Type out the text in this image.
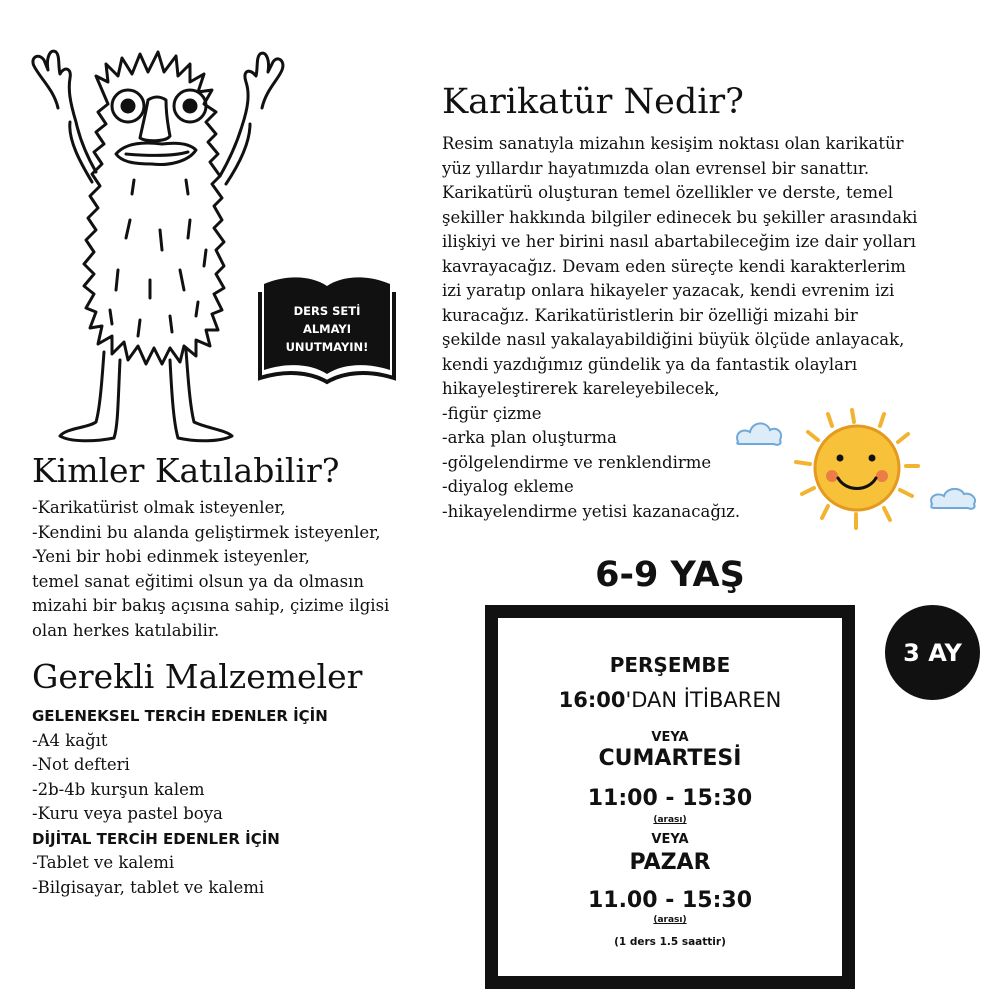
DERS SETİ
ALMAYI
UNUTMAYIN!
Karikatür Nedir?
Resim sanatıyla mizahın kesişim noktası olan karikatür
yüz yıllardır hayatımızda olan evrensel bir sanattır.
Karikatürü oluşturan temel özellikler ve derste, temel
şekiller hakkında bilgiler edinecek bu şekiller arasındaki
ilişkiyi ve her birini nasıl abartabileceğim ize dair yolları
kavrayacağız. Devam eden süreçte kendi karakterlerim
izi yaratıp onlara hikayeler yazacak, kendi evrenim izi
kuracağız. Karikatüristlerin bir özelliği mizahi bir
şekilde nasıl yakalayabildiğini büyük ölçüde anlayacak,
kendi yazdığımız gündelik ya da fantastik olayları
hikayeleştirerek kareleyebilecek,
-figür çizme
-arka plan oluşturma
-gölgelendirme ve renklendirme
-diyalog ekleme
-hikayelendirme yetisi kazanacağız.
Kimler Katılabilir?
-Karikatürist olmak isteyenler,
-Kendini bu alanda geliştirmek isteyenler,
-Yeni bir hobi edinmek isteyenler,
temel sanat eğitimi olsun ya da olmasın
mizahi bir bakış açısına sahip, çizime ilgisi
olan herkes katılabilir.
Gerekli Malzemeler
GELENEKSEL TERCİH EDENLER İÇİN
-A4 kağıt
-Not defteri
-2b-4b kurşun kalem
-Kuru veya pastel boya
DİJİTAL TERCİH EDENLER İÇİN
-Tablet ve kalemi
-Bilgisayar, tablet ve kalemi
6-9 YAŞ
3 AY
PERŞEMBE
16:00'DAN İTİBAREN
VEYA
CUMARTESİ
11:00 - 15:30
(arası)
VEYA
PAZAR
11.00 - 15:30
(arası)
(1 ders 1.5 saattir)
